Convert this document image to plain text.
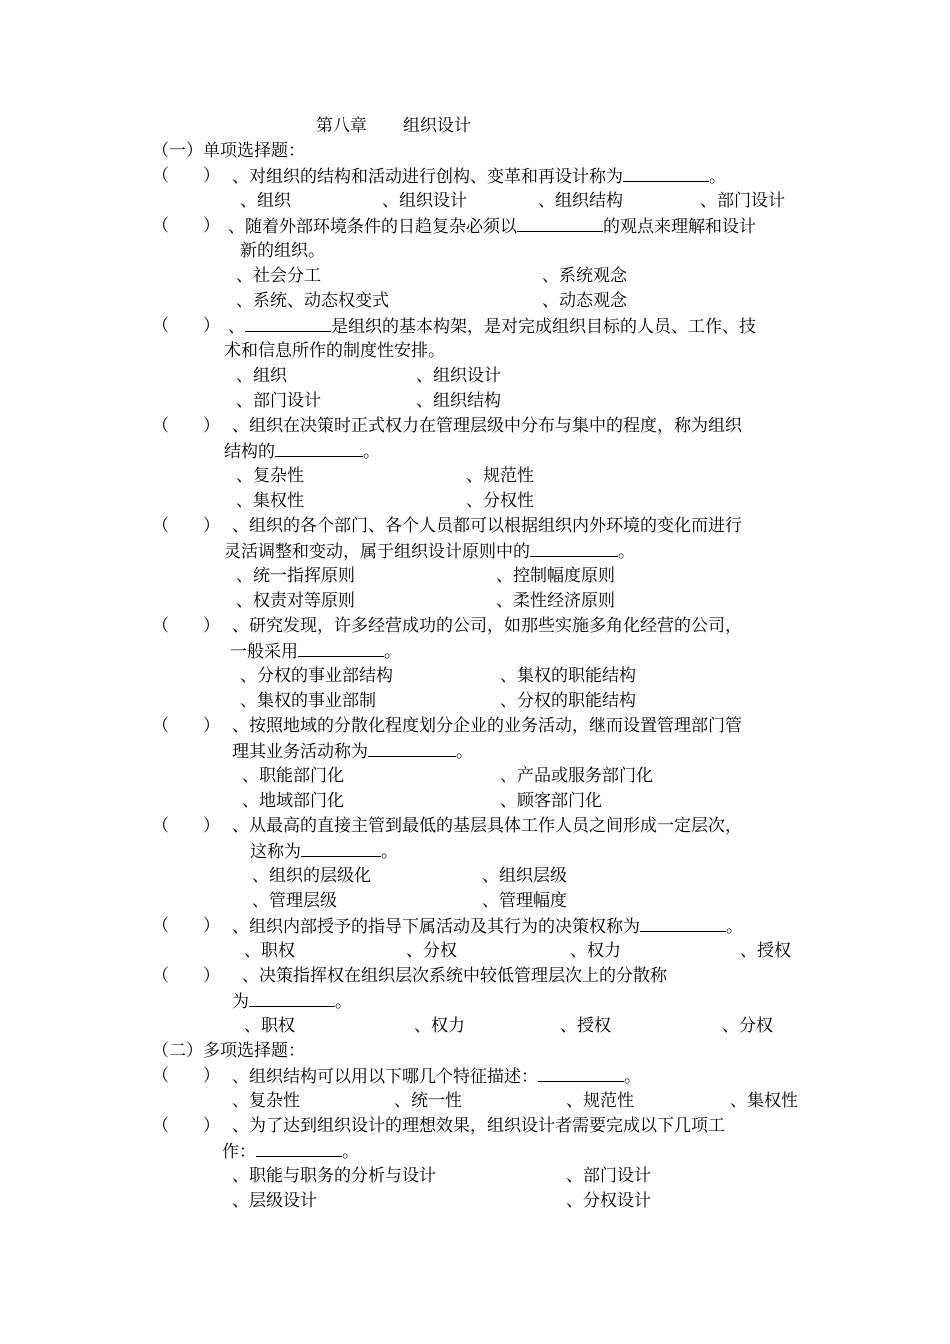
第八章 组织设计
（一）单项选择题：
（　　） 、对组织的结构和活动进行创构、变革和再设计称为	。
、组织	、组织设计	、组织结构	、部门设计
（　　） 、随着外部环境条件的日趋复杂必须以	的观点来理解和设计
新的组织。
、社会分工	、系统观念
、系统、动态权变式	、动态观念
（　　） 、	是组织的基本构架，是对完成组织目标的人员、工作、技
术和信息所作的制度性安排。
、组织	、组织设计
、部门设计	、组织结构
（　　） 、组织在决策时正式权力在管理层级中分布与集中的程度，称为组织
结构的	。
、复杂性	、规范性
、集权性	、分权性
（　　） 、组织的各个部门、各个人员都可以根据组织内外环境的变化而进行
灵活调整和变动，属于组织设计原则中的	。
、统一指挥原则	、控制幅度原则
、权责对等原则	、柔性经济原则
（　　） 、研究发现，许多经营成功的公司，如那些实施多角化经营的公司，
一般采用	。
、分权的事业部结构	、集权的职能结构
、集权的事业部制	、分权的职能结构
（　　） 、按照地域的分散化程度划分企业的业务活动，继而设置管理部门管
理其业务活动称为	。
、职能部门化	、产品或服务部门化
、地域部门化	、顾客部门化
（　　） 、从最高的直接主管到最低的基层具体工作人员之间形成一定层次，
这称为	。
、组织的层级化	、组织层级
、管理层级	、管理幅度
（　　） 、组织内部授予的指导下属活动及其行为的决策权称为	。
、职权	、分权	、权力	、授权
（　　） 、决策指挥权在组织层次系统中较低管理层次上的分散称
为	。
、职权	、权力	、授权	、分权
（二）多项选择题：
（　　） 、组织结构可以用以下哪几个特征描述：	。
、复杂性	、统一性	、规范性	、集权性
（　　） 、为了达到组织设计的理想效果，组织设计者需要完成以下几项工
作：	。
、职能与职务的分析与设计	、部门设计
、层级设计	、分权设计
